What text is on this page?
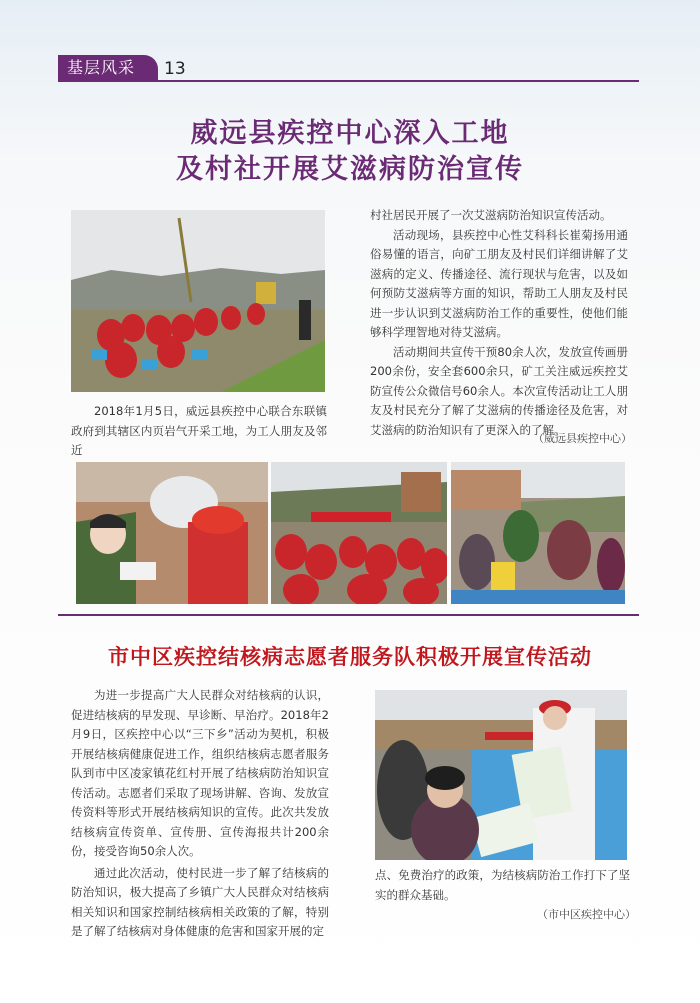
基层风采	13
威远县疾控中心深入工地
及村社开展艾滋病防治宣传

2018年1月5日，威远县疾控中心联合东联镇政府到其辖区内页岩气开采工地，为工人朋友及邻近

村社居民开展了一次艾滋病防治知识宣传活动。

活动现场，县疾控中心性艾科科长崔菊扬用通俗易懂的语言，向矿工朋友及村民们详细讲解了艾滋病的定义、传播途径、流行现状与危害，以及如何预防艾滋病等方面的知识，帮助工人朋友及村民进一步认识到艾滋病防治工作的重要性，使他们能够科学理智地对待艾滋病。

活动期间共宣传干预80余人次，发放宣传画册200余份，安全套600余只，矿工关注威远疾控艾防宣传公众微信号60余人。本次宣传活动让工人朋友及村民充分了解了艾滋病的传播途径及危害，对艾滋病的防治知识有了更深入的了解。

（威远县疾控中心）
市中区疾控结核病志愿者服务队积极开展宣传活动

为进一步提高广大人民群众对结核病的认识，促进结核病的早发现、早诊断、早治疗。2018年2月9日，区疾控中心以“三下乡”活动为契机，积极开展结核病健康促进工作，组织结核病志愿者服务队到市中区凌家镇花红村开展了结核病防治知识宣传活动。志愿者们采取了现场讲解、咨询、发放宣传资料等形式开展结核病知识的宣传。此次共发放结核病宣传资单、宣传册、宣传海报共计200余份，接受咨询50余人次。

通过此次活动，使村民进一步了解了结核病的防治知识，极大提高了乡镇广大人民群众对结核病相关知识和国家控制结核病相关政策的了解，特别是了解了结核病对身体健康的危害和国家开展的定

点、免费治疗的政策，为结核病防治工作打下了坚实的群众基础。

（市中区疾控中心）
